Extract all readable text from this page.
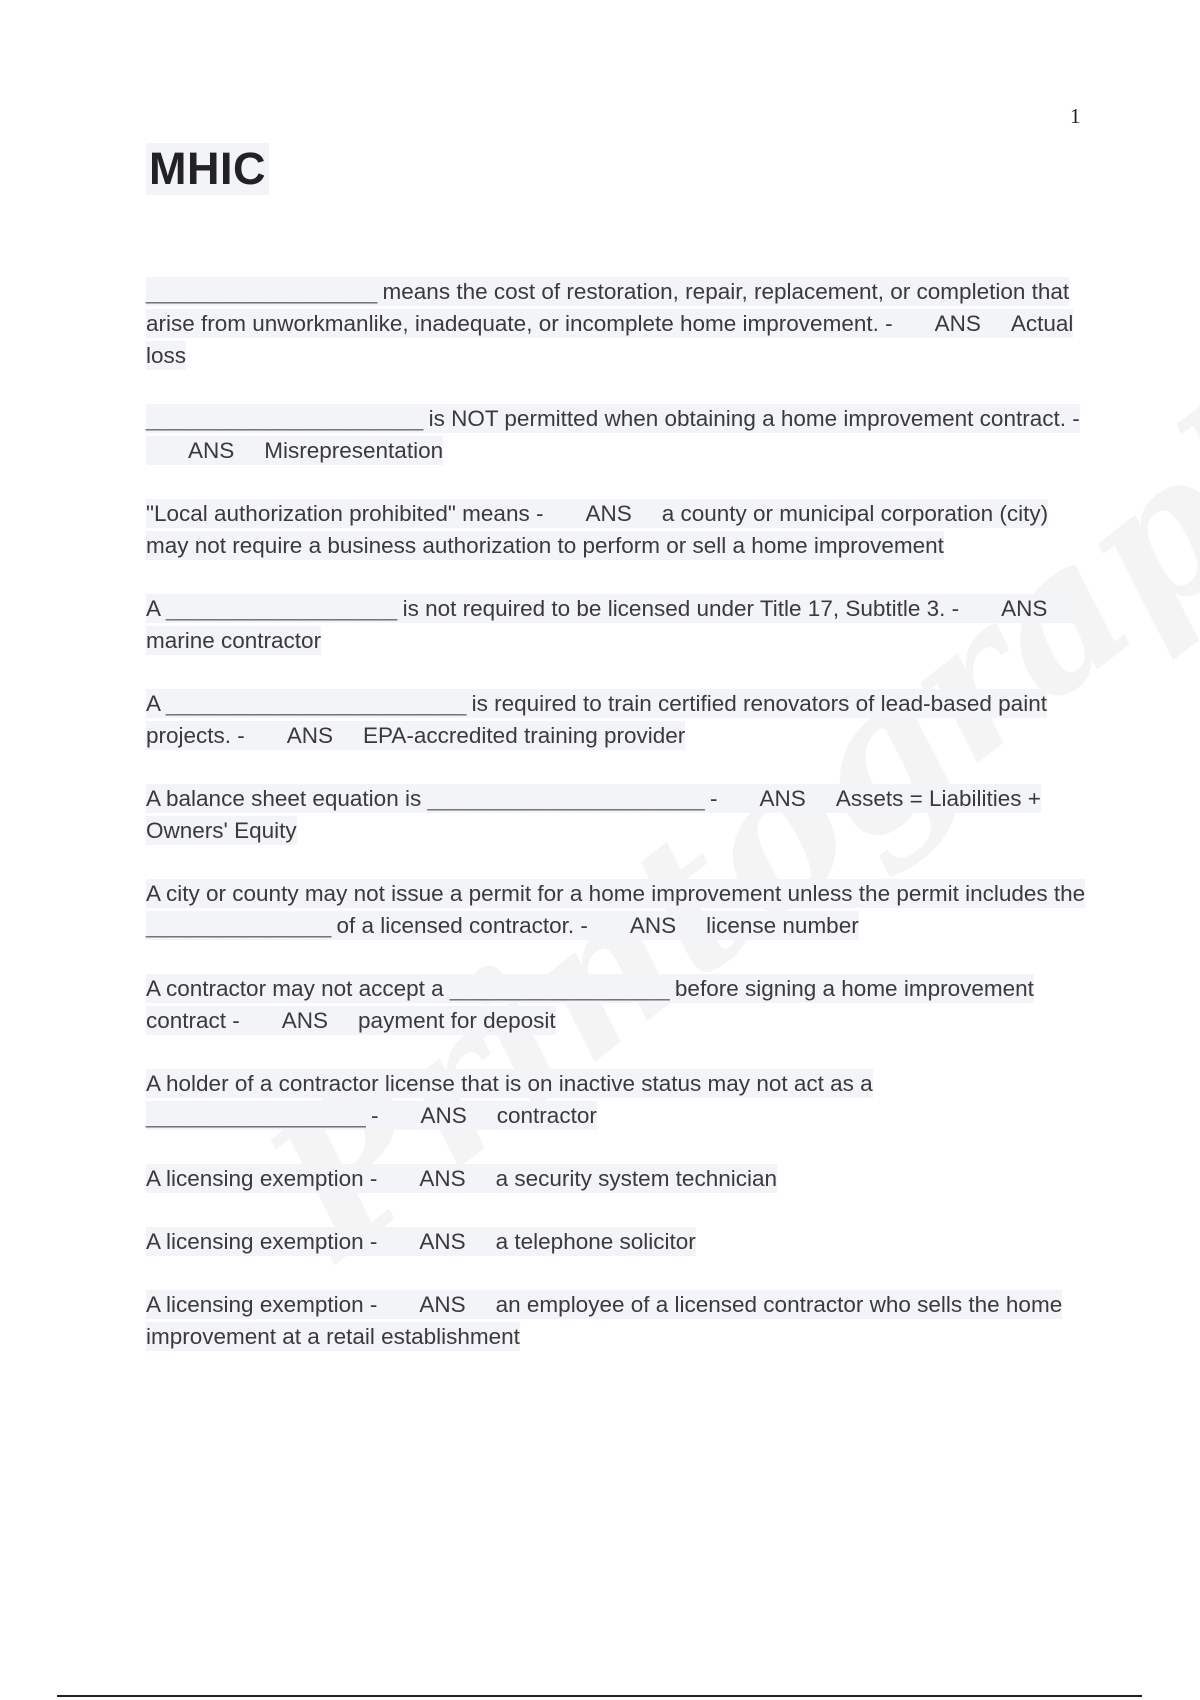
1
MHIC
____________________ means the cost of restoration, repair, replacement, or completion that arise from unworkmanlike, inadequate, or incomplete home improvement. - ANS Actual loss
________________________ is NOT permitted when obtaining a home improvement contract. -ANS Misrepresentation
"Local authorization prohibited" means - ANS a county or municipal corporation (city) may not require a business authorization to perform or sell a home improvement
A ____________________ is not required to be licensed under Title 17, Subtitle 3. - ANSmarine contractor
A __________________________ is required to train certified renovators of lead-based paint projects. - ANS EPA-accredited training provider
A balance sheet equation is ________________________ - ANS Assets = Liabilities + Owners' Equity
A city or county may not issue a permit for a home improvement unless the permit includes the ________________ of a licensed contractor. - ANS license number
A contractor may not accept a ___________________ before signing a home improvement contract - ANS payment for deposit
A holder of a contractor license that is on inactive status may not act as a ___________________ - ANS contractor
A licensing exemption - ANS a security system technician
A licensing exemption - ANS a telephone solicitor
A licensing exemption - ANS an employee of a licensed contractor who sells the home improvement at a retail establishment
